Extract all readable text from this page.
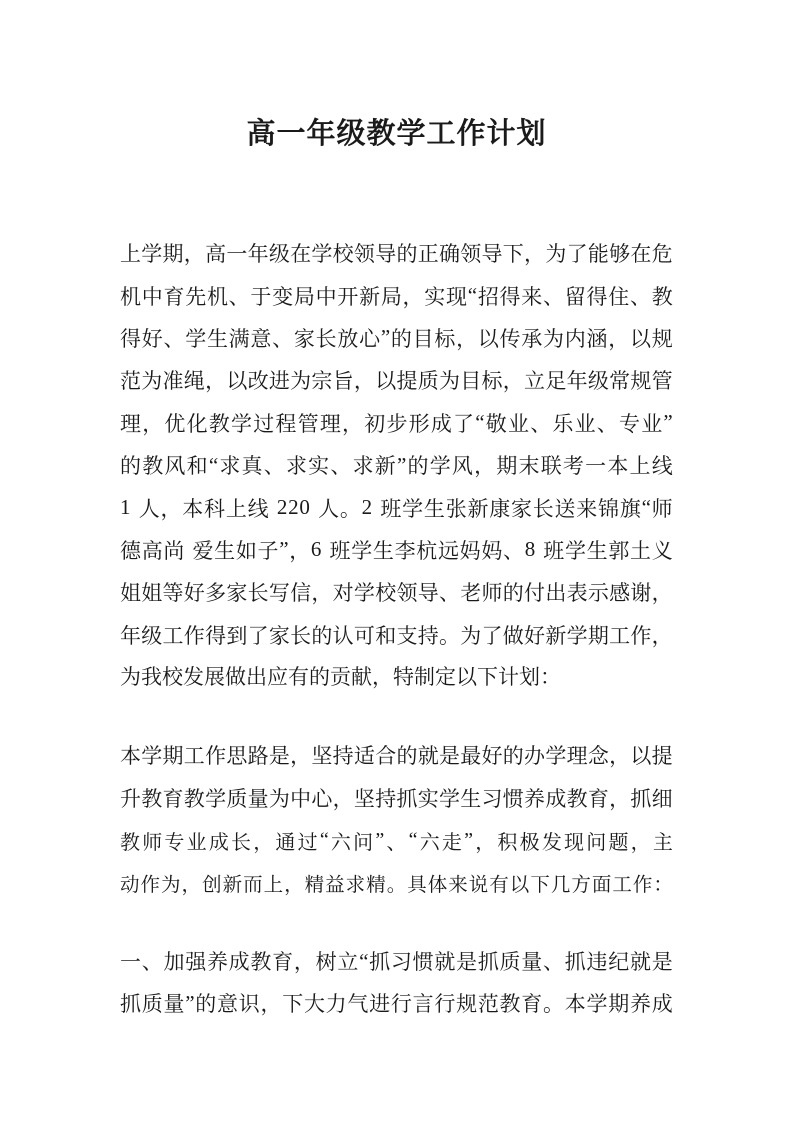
高一年级教学工作计划
上 学 期 ， 高 一 年 级 在 学 校 领 导 的 正 确 领 导 下 ， 为 了 能 够 在 危
机 中 育 先 机 、 于 变 局 中 开 新 局 ， 实 现 “ 招 得 来 、 留 得 住 、 教
得 好 、 学 生 满 意 、 家 长 放 心 ” 的 目 标 ， 以 传 承 为 内 涵 ， 以 规
范 为 准 绳 ， 以 改 进 为 宗 旨 ， 以 提 质 为 目 标 ， 立 足 年 级 常 规 管
理 ， 优 化 教 学 过 程 管 理 ， 初 步 形 成 了 “ 敬 业 、 乐 业 、 专 业 ”
的 教 风 和 “ 求 真 、 求 实 、 求 新 ” 的 学 风 ， 期 末 联 考 一 本 上 线
1
人 ， 本 科 上 线
2 2 0
人 。 2
班 学 生 张 新 康 家 长 送 来 锦 旗 “ 师
德 高 尚
爱 生 如 子 ” ， 6
班 学 生 李 杭 远 妈 妈 、 8
班 学 生 郭 土 义
姐 姐 等 好 多 家 长 写 信 ， 对 学 校 领 导 、 老 师 的 付 出 表 示 感 谢 ，
年 级 工 作 得 到 了 家 长 的 认 可 和 支 持 。 为 了 做 好 新 学 期 工 作 ，
为我校发展做出应有的贡献，特制定以下计划：
本 学 期 工 作 思 路 是 ， 坚 持 适 合 的 就 是 最 好 的 办 学 理 念 ， 以 提
升 教 育 教 学 质 量 为 中 心 ， 坚 持 抓 实 学 生 习 惯 养 成 教 育 ， 抓 细
教 师 专 业 成 长 ， 通 过 “ 六 问 ” 、 “ 六 走 ” ， 积 极 发 现 问 题 ， 主
动 作 为 ， 创 新 而 上 ， 精 益 求 精 。 具 体 来 说 有 以 下 几 方 面 工 作 ：
一 、 加 强 养 成 教 育 ， 树 立 “ 抓 习 惯 就 是 抓 质 量 、 抓 违 纪 就 是
抓 质 量 ” 的 意 识 ， 下 大 力 气 进 行 言 行 规 范 教 育 。 本 学 期 养 成
